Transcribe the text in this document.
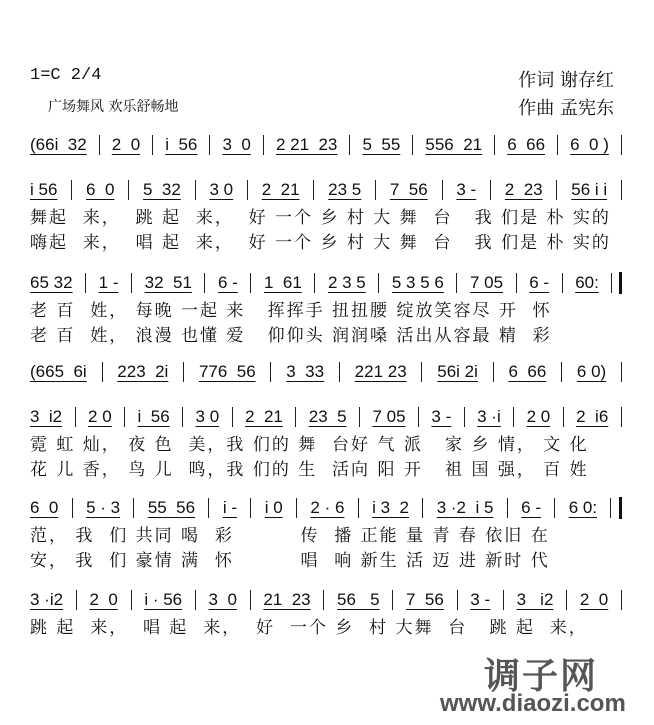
1=C 2/4
广场舞风 欢乐舒畅地
作词 谢存红
作曲 孟宪东
(66i  32 2  0 i  56 3  0 2 21  23 5  55 556  21 6  66 6  0 )
i 56 6  0 5  32 3 0 2  21 23 5 7  56 3 - 2  23 56 i i
舞起  来，  跳 起  来，  好 一个 乡 村 大 舞  台   我 们是 朴 实的
嗨起  来，  唱 起  来，  好 一个 乡 村 大 舞  台   我 们是 朴 实的
65 32 1 - 32  51 6 - 1  61 2 3 5 5 3 5 6 7 05 6 - 60:
老 百  姓， 每晚 一起 来   挥挥手 扭扭腰 绽放笑容尽 开  怀
老 百  姓， 浪漫 也懂 爱   仰仰头 润润嗓 活出从容最 精  彩
(665  6i 223  2i 776  56 3  33 221 23 56i 2i 6  66 6 0)
3  i2 2 0 i  56 3 0 2  21 23  5 7 05 3 - 3 ·i 2 0 2  i6
霓 虹 灿， 夜 色  美，我 们的 舞  台好 气 派   家 乡 情， 文 化
花 儿 香， 鸟 儿  鸣，我 们的 生  活向 阳 开   祖 国 强， 百 姓
6  0 5 · 3 55  56 i - i 0 2 · 6 i 3  2 3 ·2  i 5 6 - 6 0:
范， 我  们 共同 喝  彩         传  播 正能 量 青 春 依旧 在
安， 我  们 豪情 满  怀         唱  响 新生 活 迈 进 新时 代
3 ·i2 2  0 i · 56 3  0 21  23 56   5 7  56 3 - 3   i2 2  0
跳 起  来，  唱 起  来，  好  一个 乡  村 大舞  台   跳 起  来，
调子网
www.diaozi.com
